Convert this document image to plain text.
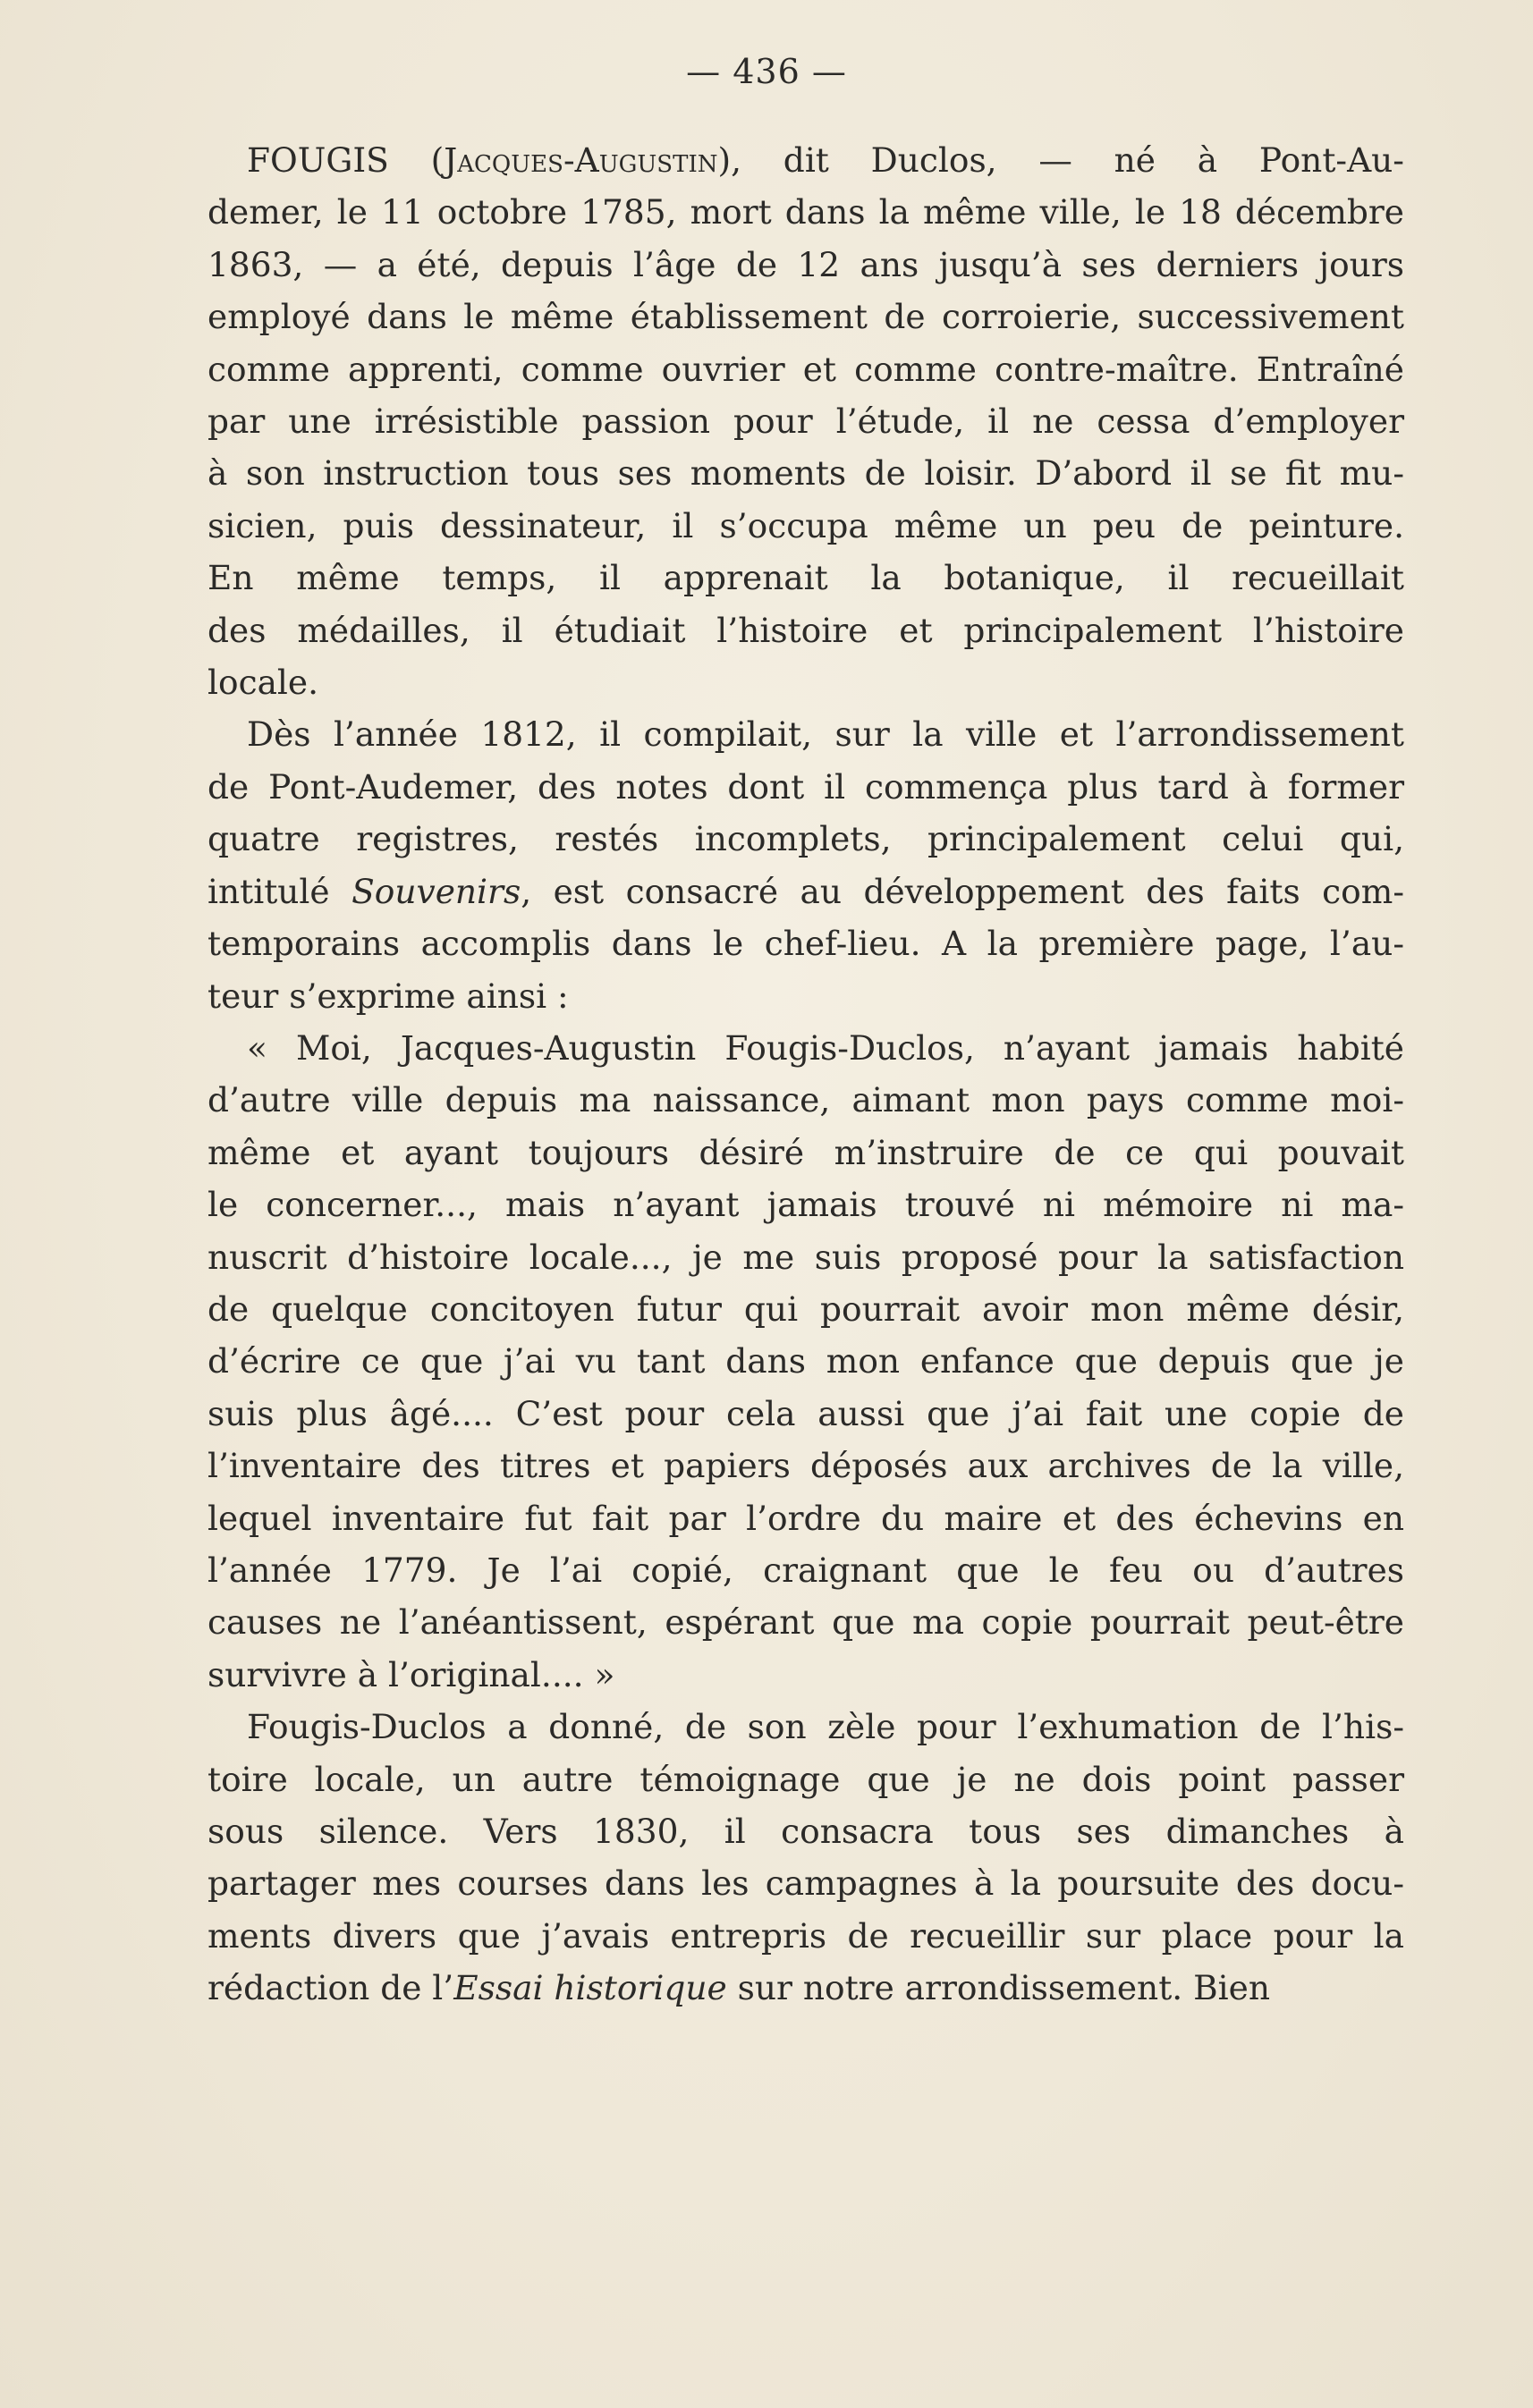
— 436 —
FOUGIS (Jacques-Augustin), dit Duclos, — né à Pont-Au-
demer, le 11 octobre 1785, mort dans la même ville, le 18 décembre
1863, — a été, depuis l’âge de 12 ans jusqu’à ses derniers jours
employé dans le même établissement de corroierie, successivement
comme apprenti, comme ouvrier et comme contre-maître. Entraîné
par une irrésistible passion pour l’étude, il ne cessa d’employer
à son instruction tous ses moments de loisir. D’abord il se fit mu-
sicien, puis dessinateur, il s’occupa même un peu de peinture.
En même temps, il apprenait la botanique, il recueillait
des médailles, il étudiait l’histoire et principalement l’histoire
locale.
Dès l’année 1812, il compilait, sur la ville et l’arrondissement
de Pont-Audemer, des notes dont il commença plus tard à former
quatre registres, restés incomplets, principalement celui qui,
intitulé Souvenirs, est consacré au développement des faits com-
temporains accomplis dans le chef-lieu. A la première page, l’au-
teur s’exprime ainsi :
« Moi, Jacques-Augustin Fougis-Duclos, n’ayant jamais habité
d’autre ville depuis ma naissance, aimant mon pays comme moi-
même et ayant toujours désiré m’instruire de ce qui pouvait
le concerner..., mais n’ayant jamais trouvé ni mémoire ni ma-
nuscrit d’histoire locale..., je me suis proposé pour la satisfaction
de quelque concitoyen futur qui pourrait avoir mon même désir,
d’écrire ce que j’ai vu tant dans mon enfance que depuis que je
suis plus âgé.... C’est pour cela aussi que j’ai fait une copie de
l’inventaire des titres et papiers déposés aux archives de la ville,
lequel inventaire fut fait par l’ordre du maire et des échevins en
l’année 1779. Je l’ai copié, craignant que le feu ou d’autres
causes ne l’anéantissent, espérant que ma copie pourrait peut-être
survivre à l’original.... »
Fougis-Duclos a donné, de son zèle pour l’exhumation de l’his-
toire locale, un autre témoignage que je ne dois point passer
sous silence. Vers 1830, il consacra tous ses dimanches à
partager mes courses dans les campagnes à la poursuite des docu-
ments divers que j’avais entrepris de recueillir sur place pour la
rédaction de l’Essai historique sur notre arrondissement. Bien
